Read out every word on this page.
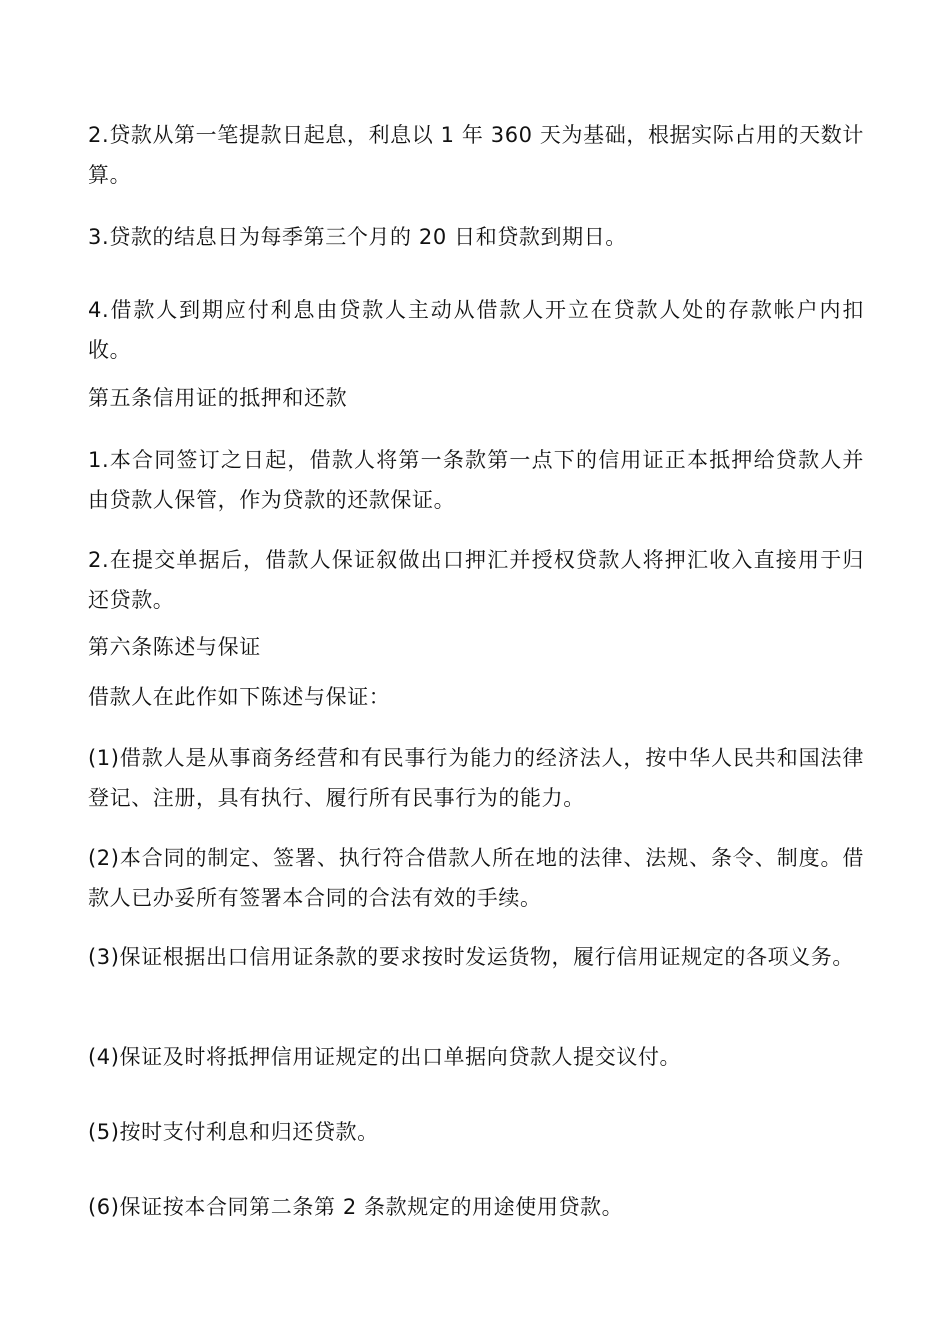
2.贷款从第一笔提款日起息，利息以 1 年 360 天为基础，根据实际占用的天数计算。

3.贷款的结息日为每季第三个月的 20 日和贷款到期日。

4.借款人到期应付利息由贷款人主动从借款人开立在贷款人处的存款帐户内扣收。

第五条信用证的抵押和还款

1.本合同签订之日起，借款人将第一条款第一点下的信用证正本抵押给贷款人并由贷款人保管，作为贷款的还款保证。

2.在提交单据后，借款人保证叙做出口押汇并授权贷款人将押汇收入直接用于归还贷款。

第六条陈述与保证

借款人在此作如下陈述与保证：

(1)借款人是从事商务经营和有民事行为能力的经济法人，按中华人民共和国法律登记、注册，具有执行、履行所有民事行为的能力。

(2)本合同的制定、签署、执行符合借款人所在地的法律、法规、条令、制度。借款人已办妥所有签署本合同的合法有效的手续。

(3)保证根据出口信用证条款的要求按时发运货物，履行信用证规定的各项义务。

(4)保证及时将抵押信用证规定的出口单据向贷款人提交议付。

(5)按时支付利息和归还贷款。

(6)保证按本合同第二条第 2 条款规定的用途使用贷款。
